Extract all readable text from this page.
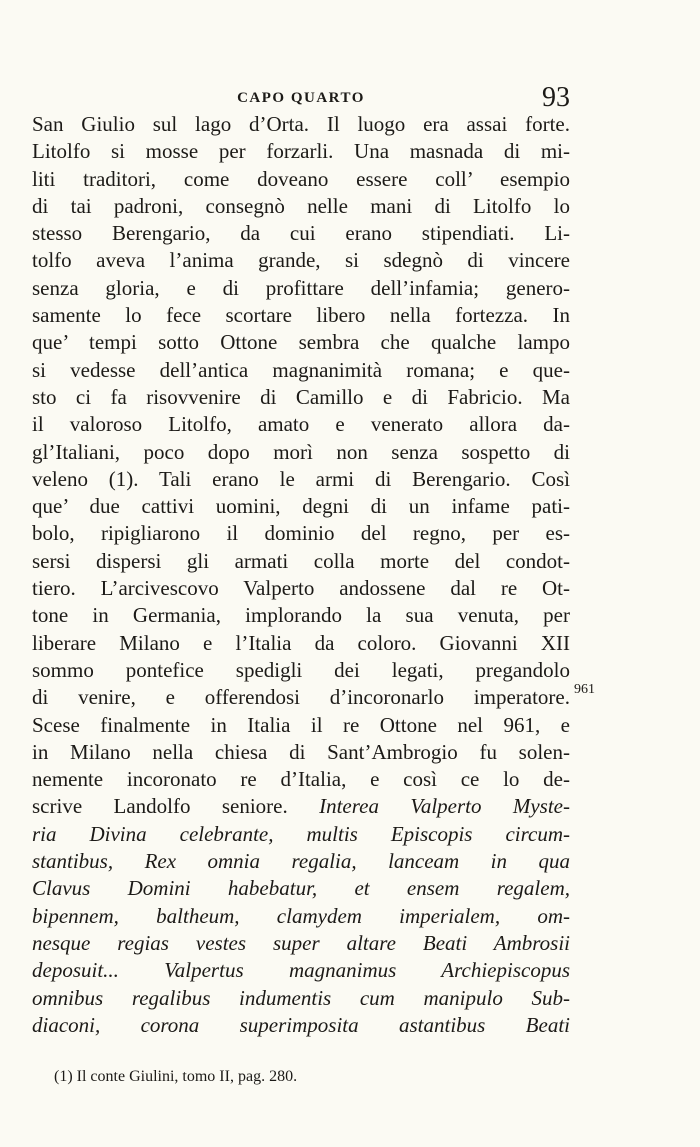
CAPO QUARTO	93
San Giulio sul lago d’Orta. Il luogo era assai forte.
Litolfo si mosse per forzarli. Una masnada di mi-
liti traditori, come doveano essere coll’ esempio
di tai padroni, consegnò nelle mani di Litolfo lo
stesso Berengario, da cui erano stipendiati. Li-
tolfo aveva l’anima grande, si sdegnò di vincere
senza gloria, e di profittare dell’infamia; genero-
samente lo fece scortare libero nella fortezza. In
que’ tempi sotto Ottone sembra che qualche lampo
si vedesse dell’antica magnanimità romana; e que-
sto ci fa risovvenire di Camillo e di Fabricio. Ma
il valoroso Litolfo, amato e venerato allora da-
gl’Italiani, poco dopo morì non senza sospetto di
veleno (1). Tali erano le armi di Berengario. Così
que’ due cattivi uomini, degni di un infame pati-
bolo, ripigliarono il dominio del regno, per es-
sersi dispersi gli armati colla morte del condot-
tiero. L’arcivescovo Valperto andossene dal re Ot-
tone in Germania, implorando la sua venuta, per
liberare Milano e l’Italia da coloro. Giovanni XII
sommo pontefice spedigli dei legati, pregandolo
di venire, e offerendosi d’incoronarlo imperatore.
Scese finalmente in Italia il re Ottone nel 961, e
in Milano nella chiesa di Sant’Ambrogio fu solen-
nemente incoronato re d’Italia, e così ce lo de-
scrive Landolfo seniore. Interea Valperto Myste-
ria Divina celebrante, multis Episcopis circum-
stantibus, Rex omnia regalia, lanceam in qua
Clavus Domini habebatur, et ensem regalem,
bipennem, baltheum, clamydem imperialem, om-
nesque regias vestes super altare Beati Ambrosii
deposuit... Valpertus magnanimus Archiepiscopus
omnibus regalibus indumentis cum manipulo Sub-
diaconi, corona superimposita astantibus Beati
961
(1) Il conte Giulini, tomo II, pag. 280.
